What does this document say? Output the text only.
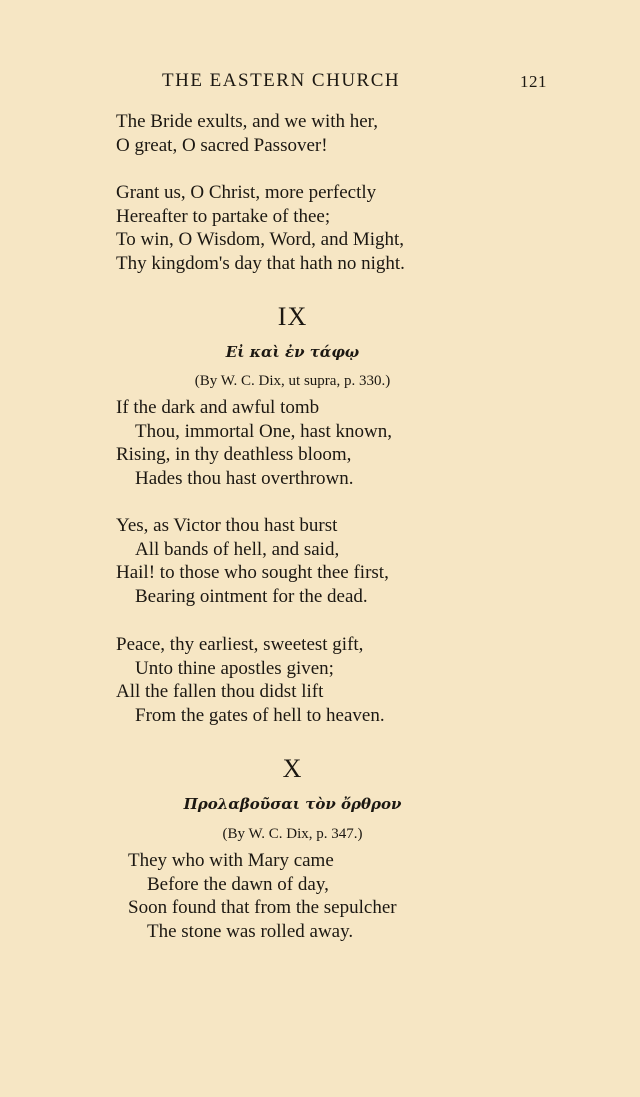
THE EASTERN CHURCH	121
The Bride exults, and we with her,
O great, O sacred Passover!
Grant us, O Christ, more perfectly
Hereafter to partake of thee;
To win, O Wisdom, Word, and Might,
Thy kingdom's day that hath no night.
IX
Εἰ καὶ ἐν τάφῳ
(By W. C. Dix, ut supra, p. 330.)
If the dark and awful tomb
Thou, immortal One, hast known,
Rising, in thy deathless bloom,
Hades thou hast overthrown.
Yes, as Victor thou hast burst
All bands of hell, and said,
Hail! to those who sought thee first,
Bearing ointment for the dead.
Peace, thy earliest, sweetest gift,
Unto thine apostles given;
All the fallen thou didst lift
From the gates of hell to heaven.
X
Προλαβοῦσαι τὸν ὄρθρον
(By W. C. Dix, p. 347.)
They who with Mary came
Before the dawn of day,
Soon found that from the sepulcher
The stone was rolled away.
